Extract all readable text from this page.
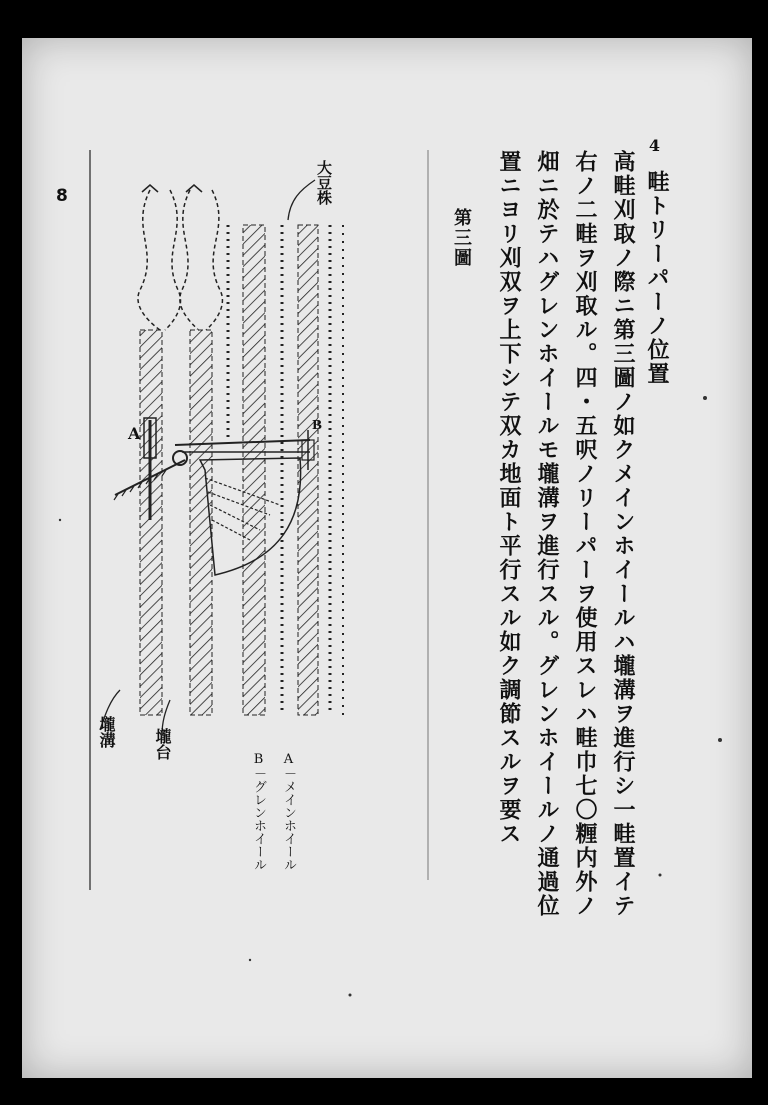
8
4
畦トリーパーノ位置
高畦刈取ノ際ニ第三圖ノ如クメインホイールハ壠溝ヲ進行シ一畦置イテ
右ノ二畦ヲ刈取ル。四・五呎ノリーパーヲ使用スレハ畦巾七〇糎内外ノ
畑ニ於テハグレンホイールモ壠溝ヲ進行スル。グレンホイールノ通過位
置ニヨリ刈双ヲ上下シテ双カ地面ト平行スル如ク調節スルヲ要ス
第三圖
A	B
大豆株
壠溝 壠台
A－メインホイール
B－グレンホイール
